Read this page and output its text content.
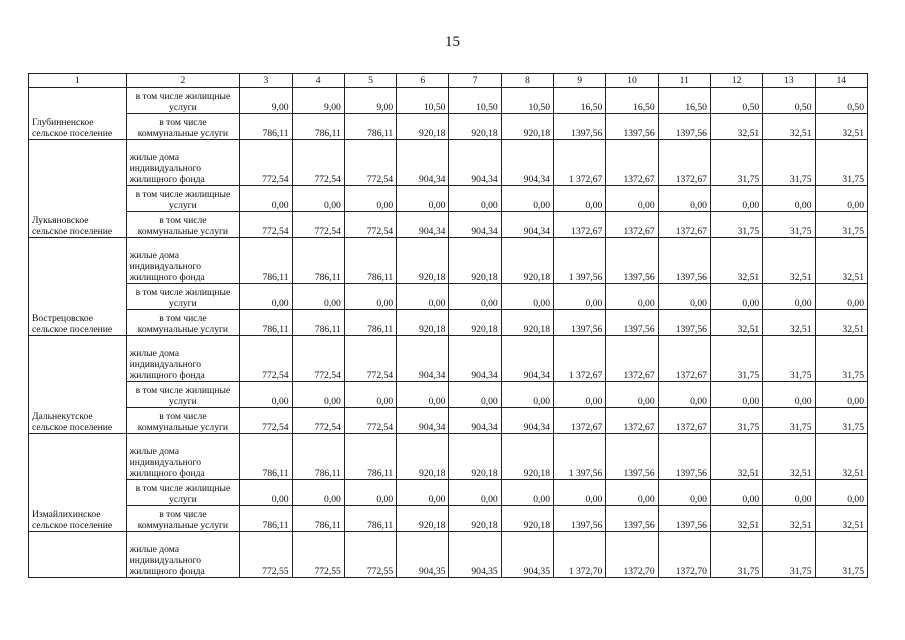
15
1	2	3	4	5	6	7	8	9	10	11	12	13	14
Глубинненское сельское поселение	в том числе жилищные услуги	9,00	9,00	9,00	10,50	10,50	10,50	16,50	16,50	16,50	0,50	0,50	0,50
	в том числе коммунальные услуги	786,11	786,11	786,11	920,18	920,18	920,18	1397,56	1397,56	1397,56	32,51	32,51	32,51
Лукьяновское сельское поселение	жилые дома индивидуального жилищного фонда	772,54	772,54	772,54	904,34	904,34	904,34	1 372,67	1372,67	1372,67	31,75	31,75	31,75
	в том числе жилищные услуги	0,00	0,00	0,00	0,00	0,00	0,00	0,00	0,00	0,00	0,00	0,00	0,00
	в том числе коммунальные услуги	772,54	772,54	772,54	904,34	904,34	904,34	1372,67	1372,67	1372,67	31,75	31,75	31,75
Вострецовское сельское поселение	жилые дома индивидуального жилищного фонда	786,11	786,11	786,11	920,18	920,18	920,18	1 397,56	1397,56	1397,56	32,51	32,51	32,51
	в том числе жилищные услуги	0,00	0,00	0,00	0,00	0,00	0,00	0,00	0,00	0,00	0,00	0,00	0,00
	в том числе коммунальные услуги	786,11	786,11	786,11	920,18	920,18	920,18	1397,56	1397,56	1397,56	32,51	32,51	32,51
Дальнекутское сельское поселение	жилые дома индивидуального жилищного фонда	772,54	772,54	772,54	904,34	904,34	904,34	1 372,67	1372,67	1372,67	31,75	31,75	31,75
	в том числе жилищные услуги	0,00	0,00	0,00	0,00	0,00	0,00	0,00	0,00	0,00	0,00	0,00	0,00
	в том числе коммунальные услуги	772,54	772,54	772,54	904,34	904,34	904,34	1372,67	1372,67	1372,67	31,75	31,75	31,75
Измайлихинское сельское поселение	жилые дома индивидуального жилищного фонда	786,11	786,11	786,11	920,18	920,18	920,18	1 397,56	1397,56	1397,56	32,51	32,51	32,51
	в том числе жилищные услуги	0,00	0,00	0,00	0,00	0,00	0,00	0,00	0,00	0,00	0,00	0,00	0,00
	в том числе коммунальные услуги	786,11	786,11	786,11	920,18	920,18	920,18	1397,56	1397,56	1397,56	32,51	32,51	32,51
	жилые дома индивидуального жилищного фонда	772,55	772,55	772,55	904,35	904,35	904,35	1 372,70	1372,70	1372,70	31,75	31,75	31,75
